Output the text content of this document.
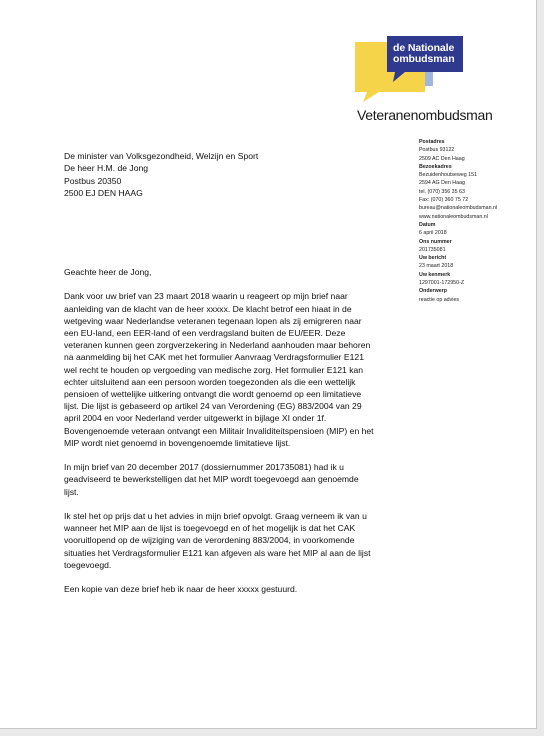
de Nationale
ombudsman
Veteranenombudsman
Postadres
Postbus 93122
2509 AC Den Haag
Bezoekadres
Bezuidenhoutseweg 151
2594 AG Den Haag
tel. (070) 356 35 63
Fax: (070) 360 75 72
bureau@nationaleombudsman.nl
www.nationaleombudsman.nl
Datum
6 april 2018
Ons nummer
201735081
Uw bericht
23 maart 2018
Uw kenmerk
1297001-172950-Z
Onderwerp
reactie op advies
De minister van Volksgezondheid, Welzijn en Sport
De heer H.M. de Jong
Postbus 20350
2500 EJ DEN HAAG

Geachte heer de Jong,

Dank voor uw brief van 23 maart 2018 waarin u reageert op mijn brief naar
aanleiding van de klacht van de heer xxxxx. De klacht betrof een hiaat in de
wetgeving waar Nederlandse veteranen tegenaan lopen als zij emigreren naar
een EU-land, een EER-land of een verdragsland buiten de EU/EER. Deze
veteranen kunnen geen zorgverzekering in Nederland aanhouden maar behoren
na aanmelding bij het CAK met het formulier Aanvraag Verdragsformulier E121
wel recht te houden op vergoeding van medische zorg. Het formulier E121 kan
echter uitsluitend aan een persoon worden toegezonden als die een wettelijk
pensioen of wettelijke uitkering ontvangt die wordt genoemd op een limitatieve
lijst. Die lijst is gebaseerd op artikel 24 van Verordening (EG) 883/2004 van 29
april 2004 en voor Nederland verder uitgewerkt in bijlage XI onder 1f.
Bovengenoemde veteraan ontvangt een Militair Invaliditeitspensioen (MIP) en het
MIP wordt niet genoemd in bovengenoemde limitatieve lijst.
In mijn brief van 20 december 2017 (dossiernummer 201735081) had ik u
geadviseerd te bewerkstelligen dat het MIP wordt toegevoegd aan genoemde
lijst.
Ik stel het op prijs dat u het advies in mijn brief opvolgt. Graag verneem ik van u
wanneer het MIP aan de lijst is toegevoegd en of het mogelijk is dat het CAK
vooruitlopend op de wijziging van de verordening 883/2004, in voorkomende
situaties het Verdragsformulier E121 kan afgeven als ware het MIP al aan de lijst
toegevoegd.

Een kopie van deze brief heb ik naar de heer xxxxx gestuurd.
